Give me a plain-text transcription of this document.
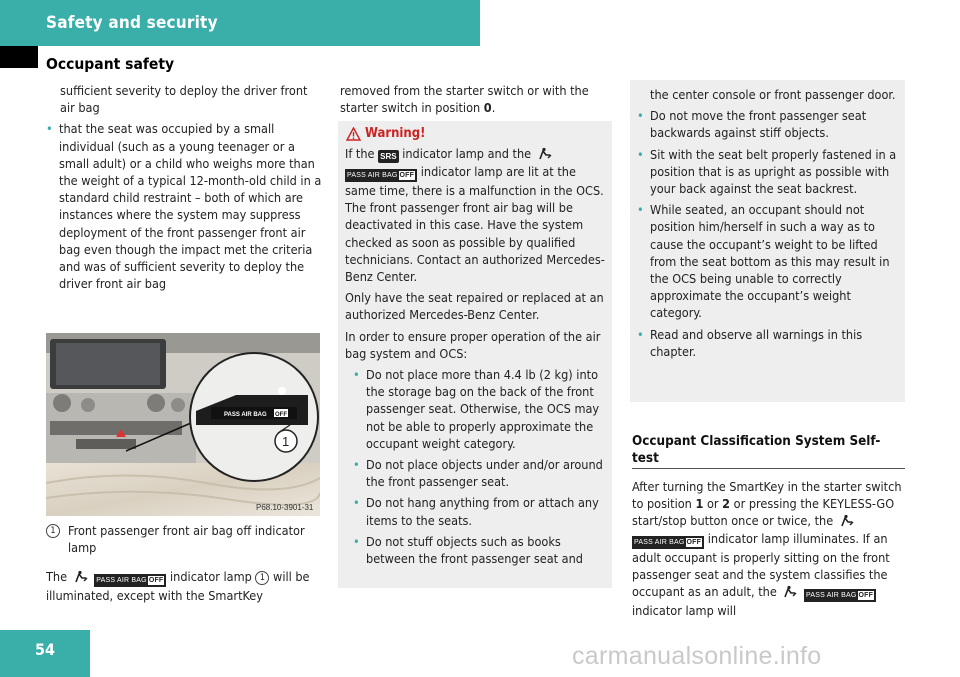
Safety and security
Occupant safety

sufficient severity to deploy the driver front air bag

• that the seat was occupied by a small individual (such as a young teenager or a small adult) or a child who weighs more than the weight of a typical 12-month-old child in a standard child restraint – both of which are instances where the system may suppress deployment of the front passenger front air bag even though the impact met the criteria and was of sufficient severity to deploy the driver front air bag

PASS AIR BAG OFF
1
P68.10-3901-31

1 Front passenger front air bag off indicator lamp

The	PASS AIR BAG OFF indicator lamp 1 will be illuminated, except with the SmartKey

removed from the starter switch or with the starter switch in position 0.
Warning!

If the SRS indicator lamp and the  PASS AIR BAG OFF indicator lamp are lit at the same time, there is a malfunction in the OCS. The front passenger front air bag will be deactivated in this case. Have the system checked as soon as possible by qualified technicians. Contact an authorized Mercedes-Benz Center.

Only have the seat repaired or replaced at an authorized Mercedes-Benz Center.

In order to ensure proper operation of the air bag system and OCS:

• Do not place more than 4.4 lb (2 kg) into the storage bag on the back of the front passenger seat. Otherwise, the OCS may not be able to properly approximate the occupant weight category.

• Do not place objects under and/or around the front passenger seat.

• Do not hang anything from or attach any items to the seats.

• Do not stuff objects such as books between the front passenger seat and

the center console or front passenger door.

• Do not move the front passenger seat backwards against stiff objects.

• Sit with the seat belt properly fastened in a position that is as upright as possible with your back against the seat backrest.

• While seated, an occupant should not position him/herself in such a way as to cause the occupant’s weight to be lifted from the seat bottom as this may result in the OCS being unable to correctly approximate the occupant’s weight category.

• Read and observe all warnings in this chapter.

Occupant Classification System Self-test
After turning the SmartKey in the starter switch to position 1 or 2 or pressing the KEYLESS-GO start/stop button once or twice, the  PASS AIR BAG OFF indicator lamp illuminates. If an adult occupant is properly sitting on the front passenger seat and the system classifies the occupant as an adult, the	PASS AIR BAG OFF indicator lamp will
54	carmanualsonline.info
